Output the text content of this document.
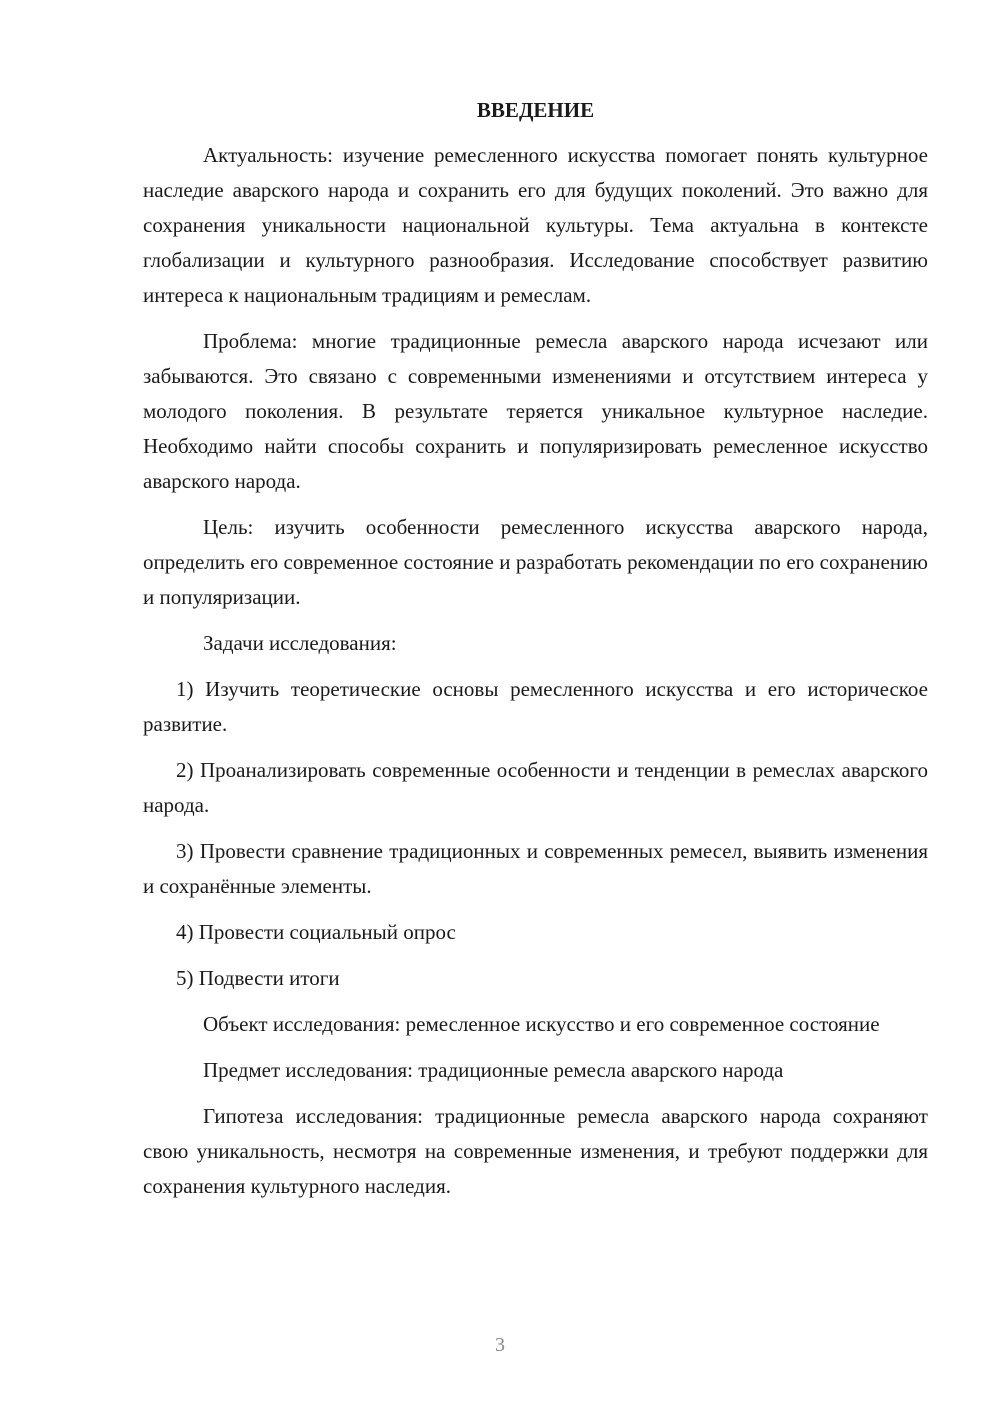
ВВЕДЕНИЕ

Актуальность: изучение ремесленного искусства помогает понять культурное наследие аварского народа и сохранить его для будущих поколений. Это важно для сохранения уникальности национальной культуры. Тема актуальна в контексте глобализации и культурного разнообразия. Исследование способствует развитию интереса к национальным традициям и ремеслам.

Проблема: многие традиционные ремесла аварского народа исчезают или забываются. Это связано с современными изменениями и отсутствием интереса у молодого поколения. В результате теряется уникальное культурное наследие. Необходимо найти способы сохранить и популяризировать ремесленное искусство аварского народа.

Цель: изучить особенности ремесленного искусства аварского народа, определить его современное состояние и разработать рекомендации по его сохранению и популяризации.

Задачи исследования:

1) Изучить теоретические основы ремесленного искусства и его историческое развитие.

2) Проанализировать современные особенности и тенденции в ремеслах аварского народа.

3) Провести сравнение традиционных и современных ремесел, выявить изменения и сохранённые элементы.

4) Провести социальный опрос

5) Подвести итоги

Объект исследования: ремесленное искусство и его современное состояние

Предмет исследования: традиционные ремесла аварского народа

Гипотеза исследования: традиционные ремесла аварского народа сохраняют свою уникальность, несмотря на современные изменения, и требуют поддержки для сохранения культурного наследия.

3
